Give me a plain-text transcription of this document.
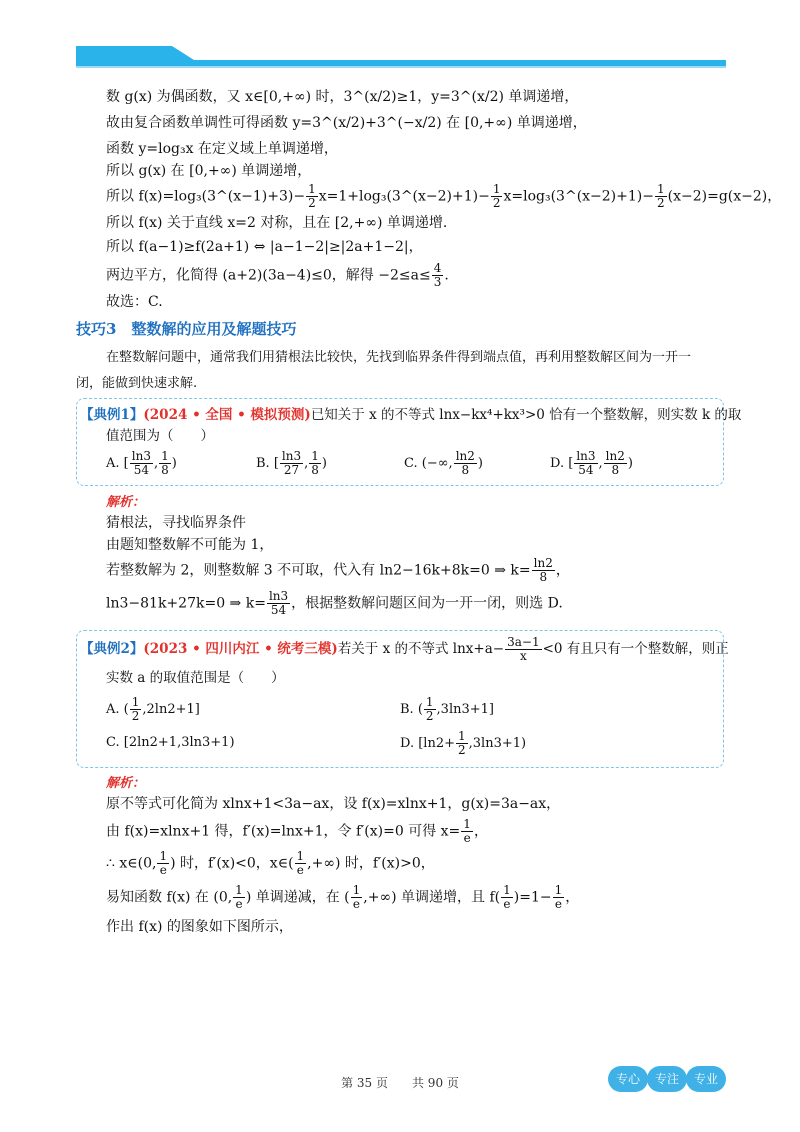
数 g(x) 为偶函数，又 x∈[0,+∞) 时，3^(x/2)≥1，y=3^(x/2) 单调递增，
故由复合函数单调性可得函数 y=3^(x/2)+3^(−x/2) 在 [0,+∞) 单调递增，
函数 y=log₃x 在定义域上单调递增，
所以 g(x) 在 [0,+∞) 单调递增，
所以 f(x)=log₃(3^(x−1)+3)− $\frac{1}{2}$ x=1+log₃(3^(x−2)+1)− $\frac{1}{2}$ x=log₃(3^(x−2)+1)− $\frac{1}{2} (x-2)=g(x-2)$，
所以 f(x) 关于直线 x=2 对称，且在 [2,+∞) 单调递增.
所以 f(a−1)≥f(2a+1) ⇔ |a−1−2|≥|2a+1−2|，
两边平方，化简得 (a+2)(3a−4)≤0，解得 $-2\le a\le \frac{4}{3}$ .
故选：C.
技巧3　整数解的应用及解题技巧
在整数解问题中，通常我们用猜根法比较快，先找到临界条件得到端点值，再利用整数解区间为一开一
闭，能做到快速求解.
【典例1】(2024 • 全国 • 模拟预测)已知关于 x 的不等式 lnx−kx⁴+kx³>0 恰有一个整数解，则实数 k 的取
值范围为（　　）
A. [ $\frac{\ln 3}{54}$ , $\frac{1}{8}$ )	B. [ $\frac{\ln 3}{27}$ , $\frac{1}{8}$ )	C. (−∞, $\frac{\ln 2}{8}$ )	D. [ $\frac{\ln 3}{54}$ , $\frac{\ln 2}{8}$ )
解析：
猜根法，寻找临界条件
由题知整数解不可能为 1，
若整数解为 2，则整数解 3 不可取，代入有 ln2−16k+8k=0 ⇒ $k= \frac{\ln 2}{8}$ ，
ln3−81k+27k=0 ⇒ $k= \frac{\ln 3}{54}$ ，根据整数解问题区间为一开一闭，则选 D.
【典例2】(2023 • 四川内江 • 统考三模)若关于 x 的不等式 $\ln x+a- \frac{3a-1}{x} <0$ 有且只有一个整数解，则正
实数 a 的取值范围是（　　）
A. ( $\frac{1}{2} ,2\ln 2+1$]	B. ( $\frac{1}{2} ,3\ln 3+1$]
C. [2ln2+1,3ln3+1)	D. $[\ln 2+ \frac{1}{2} ,3\ln 3+1)$
解析：
原不等式可化简为 xlnx+1<3a−ax，设 f(x)=xlnx+1，g(x)=3a−ax，
由 f(x)=xlnx+1 得，f′(x)=lnx+1，令 f′(x)=0 可得 $x= \frac{1}{e}$ ，
∴ x∈(0, $\frac{1}{e}$ ) 时，f′(x)<0，x∈( $\frac{1}{e}$ ,+∞) 时，f′(x)>0，
易知函数 f(x) 在 (0, $\frac{1}{e}$ ) 单调递减，在 ( $\frac{1}{e}$ ,+∞) 单调递增，且 $f( \frac{1}{e} )=1- \frac{1}{e}$ ，
作出 f(x) 的图象如下图所示，
第 35 页　　共 90 页	专心	专注	专业
